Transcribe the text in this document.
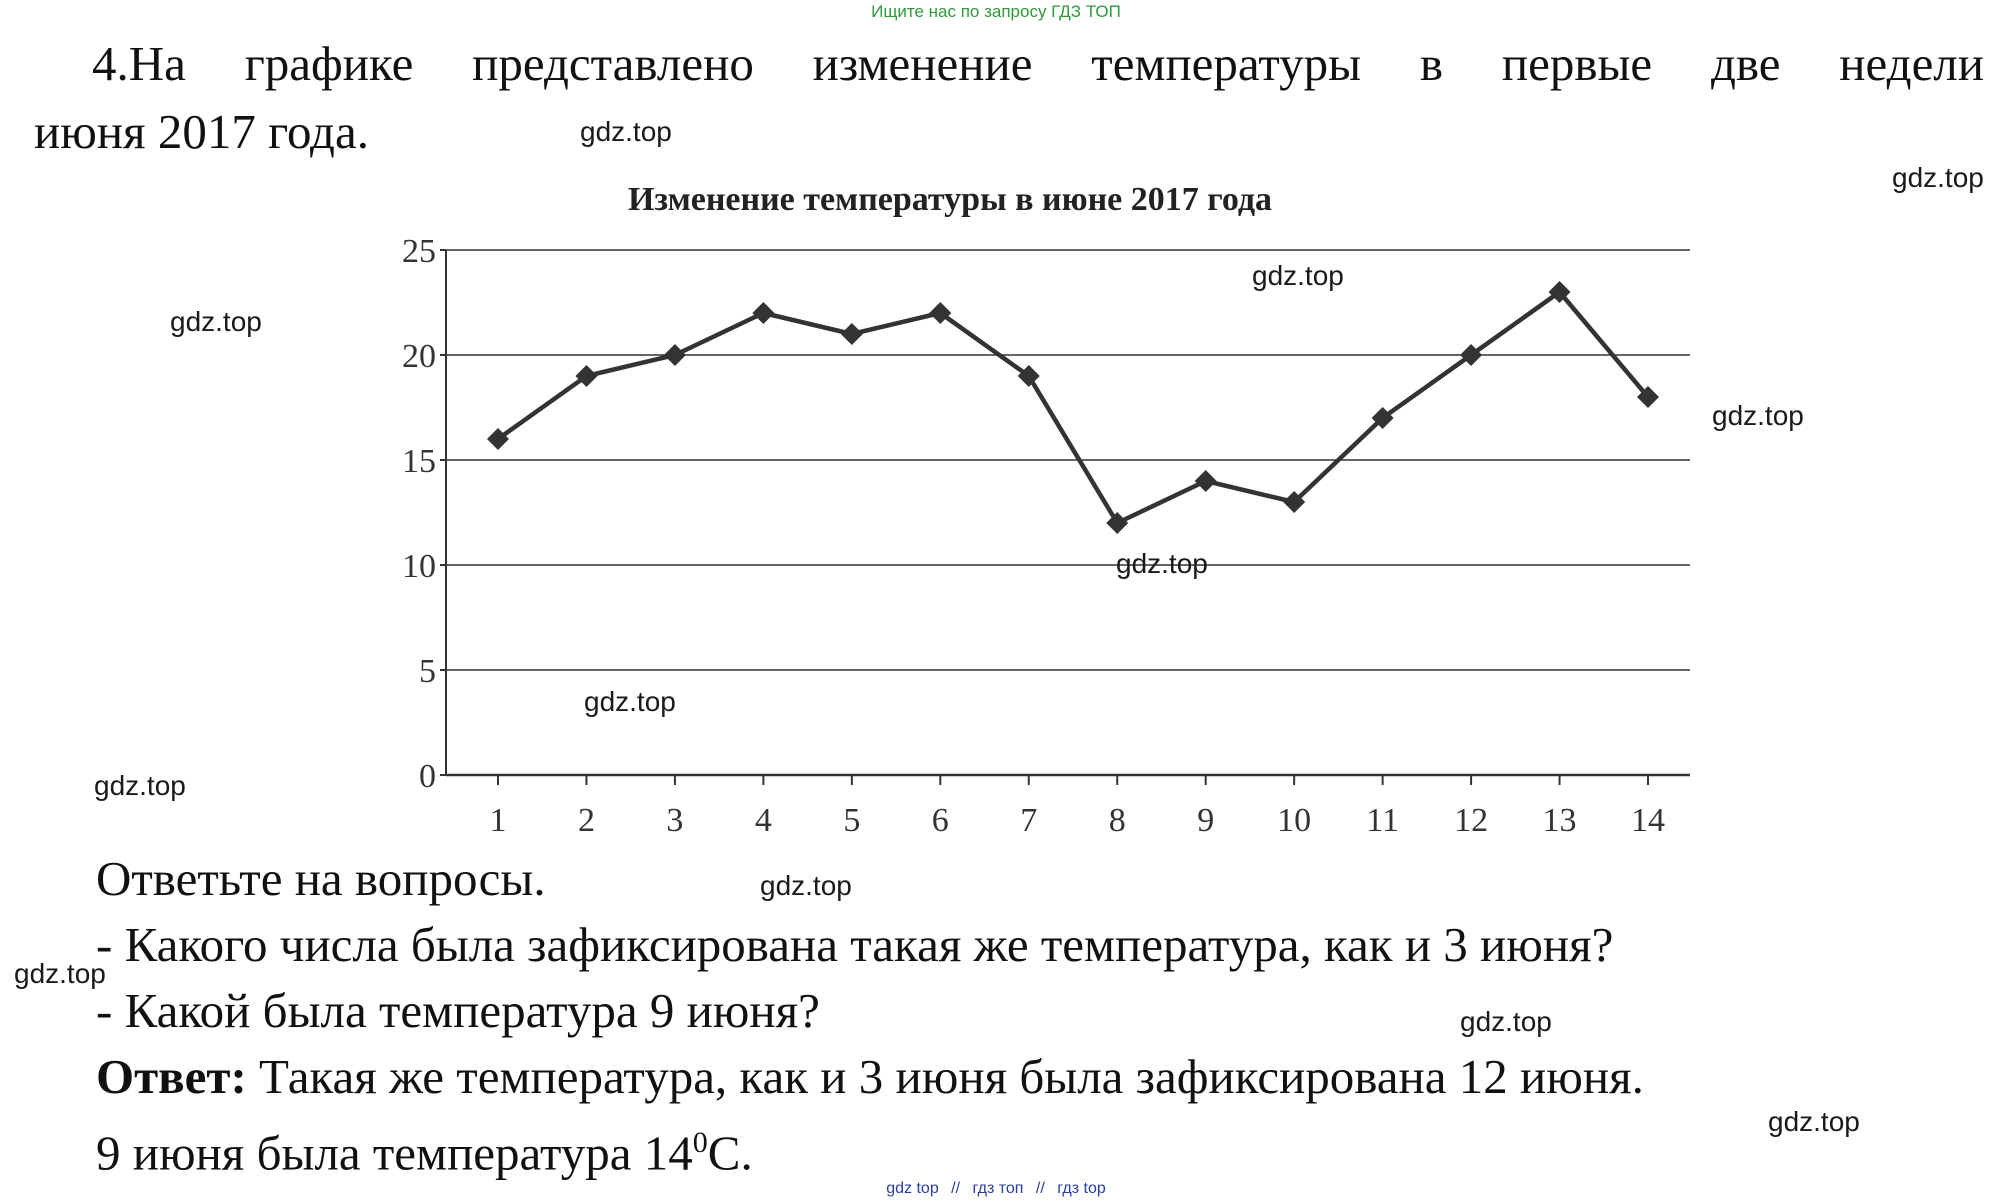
Ищите нас по запросу ГДЗ ТОП
4.На графике представлено изменение температуры в первые две недели
июня 2017 года.
Изменение температуры в июне 2017 года
0
5
10
15
20
25
1 2 3 4 5 6 7 8 9 10 11 12 13 14
Ответьте на вопросы.
- Какого числа была зафиксирована такая же температура, как и 3 июня?
- Какой была температура 9 июня?
Ответ: Такая же температура, как и 3 июня была зафиксирована 12 июня.
9 июня была температура $14^0С$.
gdz.top
gdz.top
gdz.top
gdz.top
gdz.top
gdz.top
gdz.top
gdz.top
gdz.top
gdz.top
gdz.top
gdz.top
gdz top // гдз топ // гдз top
